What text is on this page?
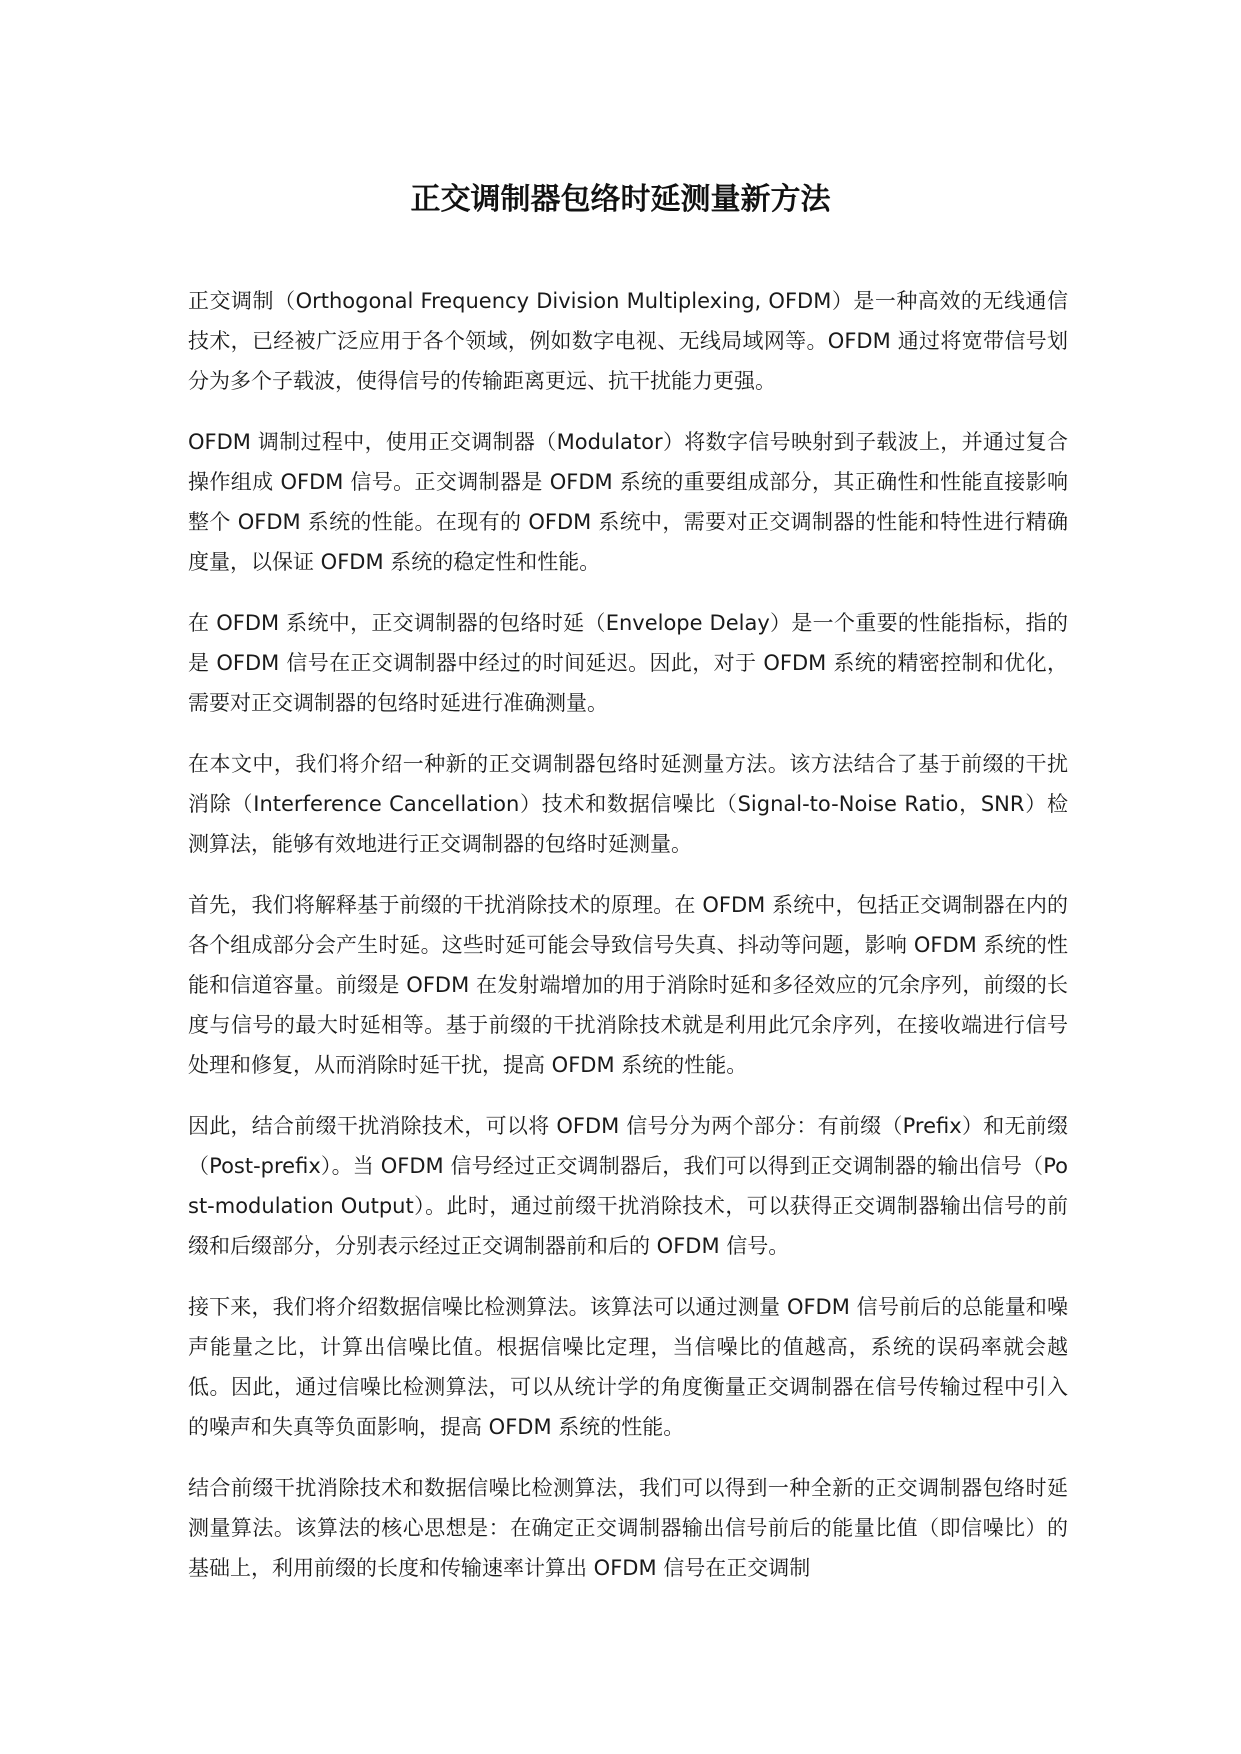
正交调制器包络时延测量新方法

正交调制（Orthogonal Frequency Division Multiplexing, OFDM）是一种高效的无线通信技术，已经被广泛应用于各个领域，例如数字电视、无线局域网等。OFDM 通过将宽带信号划分为多个子载波，使得信号的传输距离更远、抗干扰能力更强。

OFDM 调制过程中，使用正交调制器（Modulator）将数字信号映射到子载波上，并通过复合操作组成 OFDM 信号。正交调制器是 OFDM 系统的重要组成部分，其正确性和性能直接影响整个 OFDM 系统的性能。在现有的 OFDM 系统中，需要对正交调制器的性能和特性进行精确度量，以保证 OFDM 系统的稳定性和性能。

在 OFDM 系统中，正交调制器的包络时延（Envelope Delay）是一个重要的性能指标，指的是 OFDM 信号在正交调制器中经过的时间延迟。因此，对于 OFDM 系统的精密控制和优化，需要对正交调制器的包络时延进行准确测量。

在本文中，我们将介绍一种新的正交调制器包络时延测量方法。该方法结合了基于前缀的干扰消除（Interference Cancellation）技术和数据信噪比（Signal-to-Noise Ratio，SNR）检测算法，能够有效地进行正交调制器的包络时延测量。

首先，我们将解释基于前缀的干扰消除技术的原理。在 OFDM 系统中，包括正交调制器在内的各个组成部分会产生时延。这些时延可能会导致信号失真、抖动等问题，影响 OFDM 系统的性能和信道容量。前缀是 OFDM 在发射端增加的用于消除时延和多径效应的冗余序列，前缀的长度与信号的最大时延相等。基于前缀的干扰消除技术就是利用此冗余序列，在接收端进行信号处理和修复，从而消除时延干扰，提高 OFDM 系统的性能。

因此，结合前缀干扰消除技术，可以将 OFDM 信号分为两个部分：有前缀（Prefix）和无前缀（Post-prefix）。当 OFDM 信号经过正交调制器后，我们可以得到正交调制器的输出信号（Post-modulation Output）。此时，通过前缀干扰消除技术，可以获得正交调制器输出信号的前缀和后缀部分，分别表示经过正交调制器前和后的 OFDM 信号。

接下来，我们将介绍数据信噪比检测算法。该算法可以通过测量 OFDM 信号前后的总能量和噪声能量之比，计算出信噪比值。根据信噪比定理，当信噪比的值越高，系统的误码率就会越低。因此，通过信噪比检测算法，可以从统计学的角度衡量正交调制器在信号传输过程中引入的噪声和失真等负面影响，提高 OFDM 系统的性能。

结合前缀干扰消除技术和数据信噪比检测算法，我们可以得到一种全新的正交调制器包络时延测量算法。该算法的核心思想是：在确定正交调制器输出信号前后的能量比值（即信噪比）的基础上，利用前缀的长度和传输速率计算出 OFDM 信号在正交调制
